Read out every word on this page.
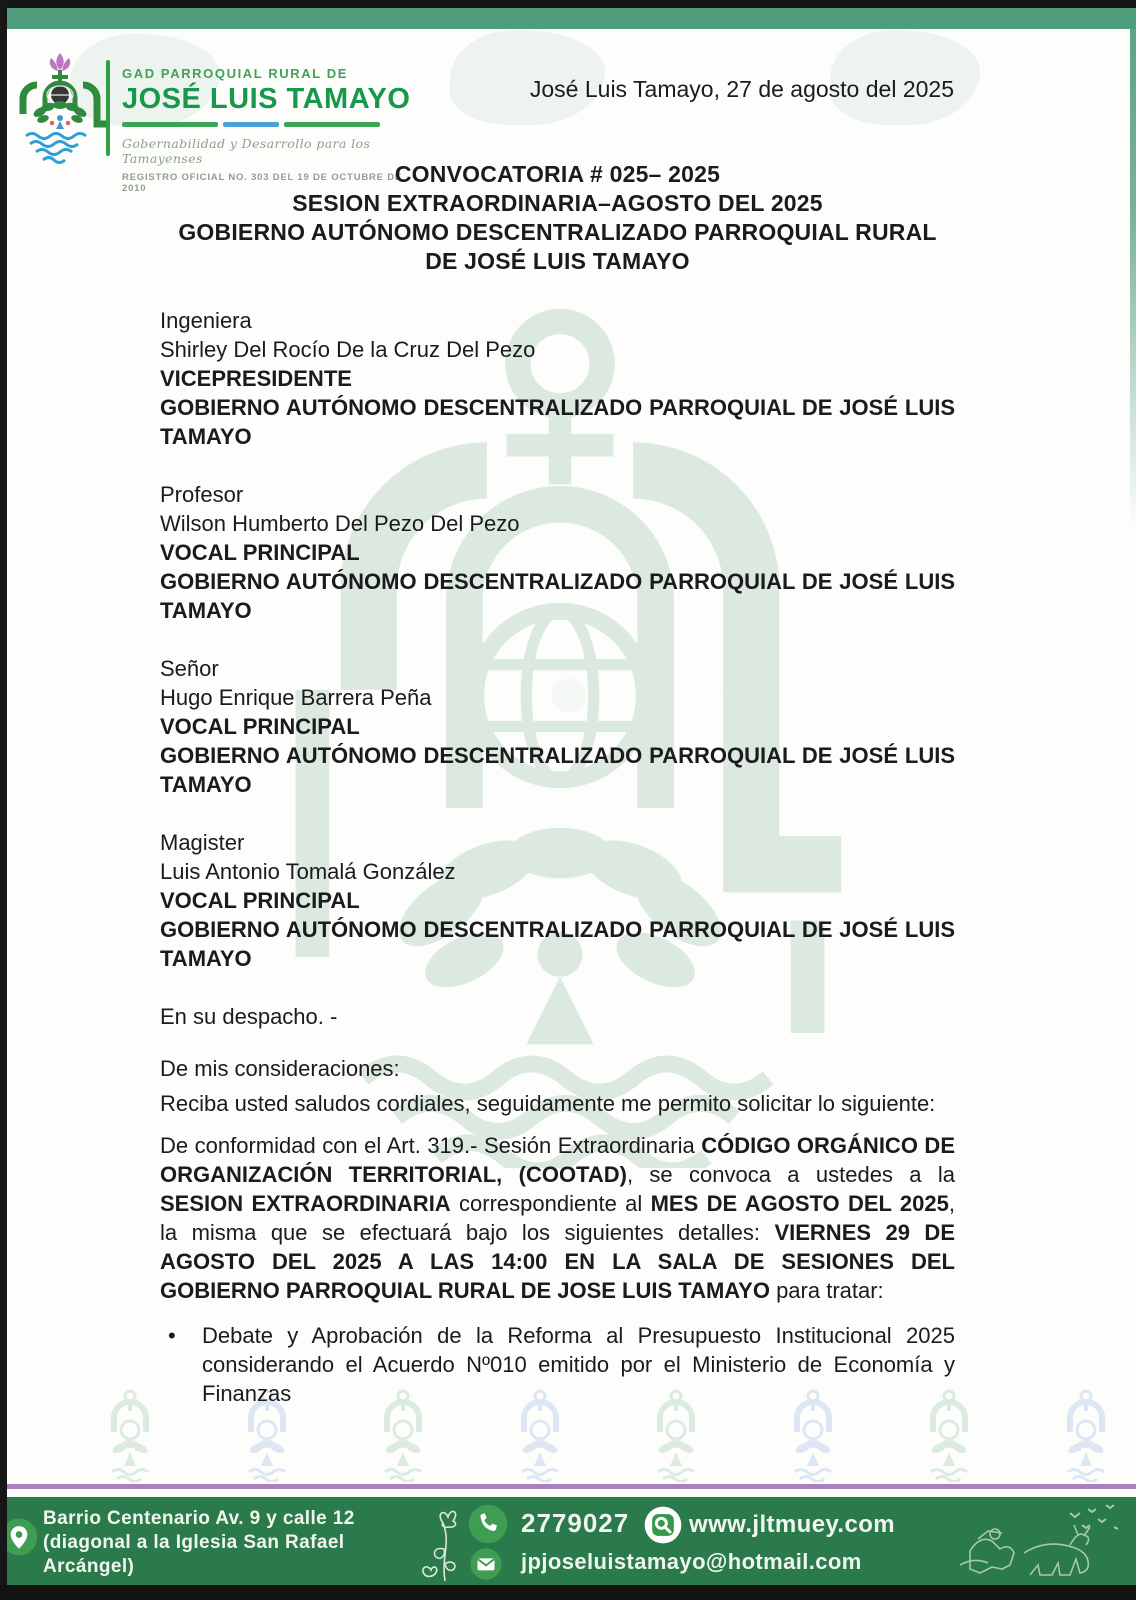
GAD PARROQUIAL RURAL DE
JOSÉ LUIS TAMAYO
Gobernabilidad y Desarrollo para los Tamayenses
REGISTRO OFICIAL NO. 303 DEL 19 DE OCTUBRE DE 2010
José Luis Tamayo, 27 de agosto del 2025
CONVOCATORIA # 025– 2025
SESION EXTRAORDINARIA–AGOSTO DEL 2025
GOBIERNO AUTÓNOMO DESCENTRALIZADO PARROQUIAL RURAL DE JOSÉ LUIS TAMAYO
Ingeniera
Shirley Del Rocío De la Cruz Del Pezo
VICEPRESIDENTE
GOBIERNO AUTÓNOMO DESCENTRALIZADO PARROQUIAL DE JOSÉ LUIS TAMAYO
Profesor
Wilson Humberto Del Pezo Del Pezo
VOCAL PRINCIPAL
GOBIERNO AUTÓNOMO DESCENTRALIZADO PARROQUIAL DE JOSÉ LUIS TAMAYO
Señor
Hugo Enrique Barrera Peña
VOCAL PRINCIPAL
GOBIERNO AUTÓNOMO DESCENTRALIZADO PARROQUIAL DE JOSÉ LUIS TAMAYO
Magister
Luis Antonio Tomalá González
VOCAL PRINCIPAL
GOBIERNO AUTÓNOMO DESCENTRALIZADO PARROQUIAL DE JOSÉ LUIS TAMAYO
En su despacho. -
De mis consideraciones:
Reciba usted saludos cordiales, seguidamente me permito solicitar lo siguiente:
De conformidad con el Art. 319.- Sesión Extraordinaria CÓDIGO ORGÁNICO DE ORGANIZACIÓN TERRITORIAL, (COOTAD), se convoca a ustedes a la SESION EXTRAORDINARIA correspondiente al MES DE AGOSTO DEL 2025, la misma que se efectuará bajo los siguientes detalles: VIERNES 29 DE AGOSTO DEL 2025 A LAS 14:00 EN LA SALA DE SESIONES DEL GOBIERNO PARROQUIAL RURAL DE JOSE LUIS TAMAYO para tratar:
•	Debate y Aprobación de la Reforma al Presupuesto Institucional 2025 considerando el Acuerdo Nº010 emitido por el Ministerio de Economía y Finanzas
Barrio Centenario Av. 9 y calle 12 (diagonal a la Iglesia San Rafael Arcángel)
2779027 www.jltmuey.com
jpjoseluistamayo@hotmail.com
